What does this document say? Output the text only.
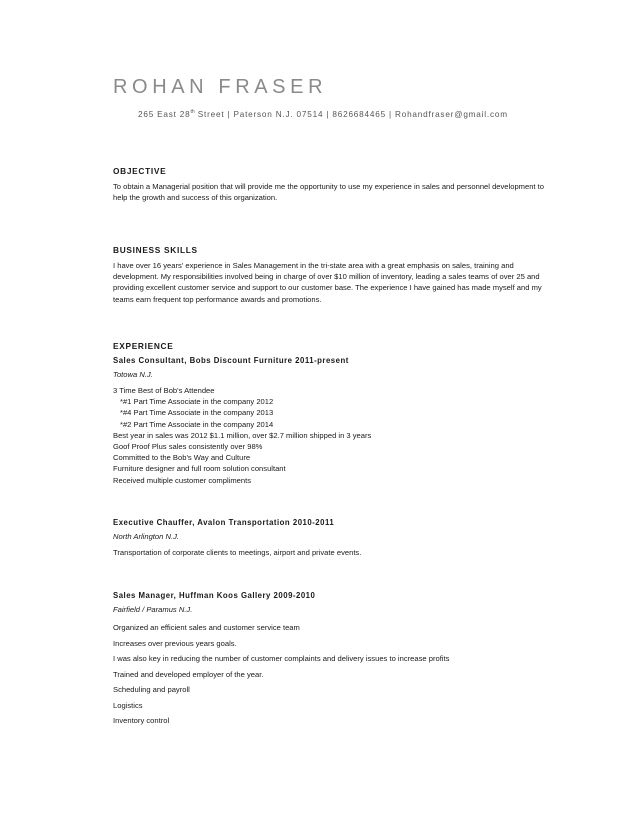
ROHAN FRASER
265 East 28th Street | Paterson N.J. 07514 | 8626684465 | Rohandfraser@gmail.com
OBJECTIVE

To obtain a Managerial position that will provide me the opportunity to use my experience in sales and personnel development to help the growth and success of this organization.

BUSINESS SKILLS

I have over 16 years' experience in Sales Management in the tri-state area with a great emphasis on sales, training and development. My responsibilities involved being in charge of over $10 million of inventory, leading a sales teams of over 25 and providing excellent customer service and support to our customer base. The experience I have gained has made myself and my teams earn frequent top performance awards and promotions.

EXPERIENCE
Sales Consultant, Bobs Discount Furniture 2011-present
Totowa N.J.
3 Time Best of Bob's Attendee
*#1 Part Time Associate in the company 2012
*#4 Part Time Associate in the company 2013
*#2 Part Time Associate in the company 2014
Best year in sales was 2012 $1.1 million, over $2.7 million shipped in 3 years
Goof Proof Plus sales consistently over 98%
Committed to the Bob's Way and Culture
Furniture designer and full room solution consultant
Received multiple customer compliments
Executive Chauffer, Avalon Transportation 2010-2011
North Arlington N.J.
Transportation of corporate clients to meetings, airport and private events.
Sales Manager, Huffman Koos Gallery 2009-2010
Fairfield / Paramus N.J.
Organized an efficient sales and customer service team
Increases over previous years goals.
I was also key in reducing the number of customer complaints and delivery issues to increase profits
Trained and developed employer of the year.
Scheduling and payroll
Logistics
Inventory control
